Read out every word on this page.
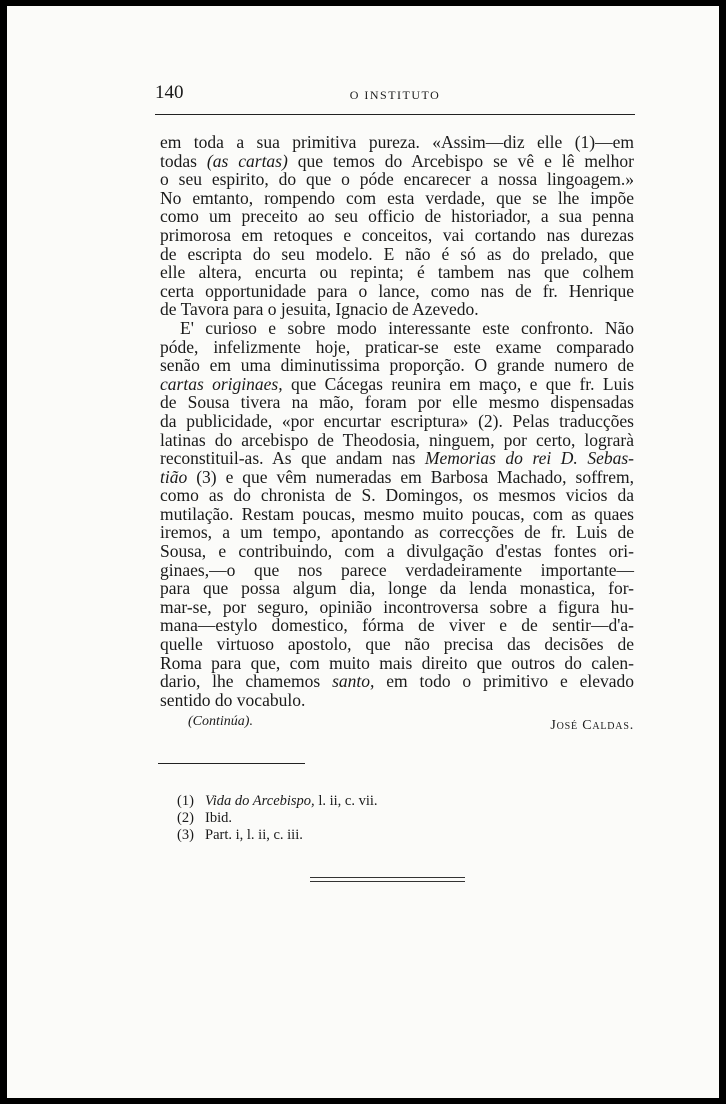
140	O INSTITUTO
em toda a sua primitiva pureza. «Assim—diz elle (1)—em
todas (as cartas) que temos do Arcebispo se vê e lê melhor
o seu espirito, do que o póde encarecer a nossa lingoagem.»
No emtanto, rompendo com esta verdade, que se lhe impõe
como um preceito ao seu officio de historiador, a sua penna
primorosa em retoques e conceitos, vai cortando nas durezas
de escripta do seu modelo. E não é só as do prelado, que
elle altera, encurta ou repinta; é tambem nas que colhem
certa opportunidade para o lance, como nas de fr. Henrique
de Tavora para o jesuita, Ignacio de Azevedo.
E' curioso e sobre modo interessante este confronto. Não
póde, infelizmente hoje, praticar-se este exame comparado
senão em uma diminutissima proporção. O grande numero de
cartas originaes, que Cácegas reunira em maço, e que fr. Luis
de Sousa tivera na mão, foram por elle mesmo dispensadas
da publicidade, «por encurtar escriptura» (2). Pelas traducções
latinas do arcebispo de Theodosia, ninguem, por certo, lograrà
reconstituil-as. As que andam nas Memorias do rei D. Sebas-
tião (3) e que vêm numeradas em Barbosa Machado, soffrem,
como as do chronista de S. Domingos, os mesmos vicios da
mutilação. Restam poucas, mesmo muito poucas, com as quaes
iremos, a um tempo, apontando as correcções de fr. Luis de
Sousa, e contribuindo, com a divulgação d'estas fontes ori-
ginaes,—o que nos parece verdadeiramente importante—
para que possa algum dia, longe da lenda monastica, for-
mar-se, por seguro, opinião incontroversa sobre a figura hu-
mana—estylo domestico, fórma de viver e de sentir—d'a-
quelle virtuoso apostolo, que não precisa das decisões de
Roma para que, com muito mais direito que outros do calen-
dario, lhe chamemos santo, em todo o primitivo e elevado
sentido do vocabulo.
(Continúa).	José Caldas.
(1) Vida do Arcebispo, l. ii, c. vii.
(2) Ibid.
(3) Part. i, l. ii, c. iii.
